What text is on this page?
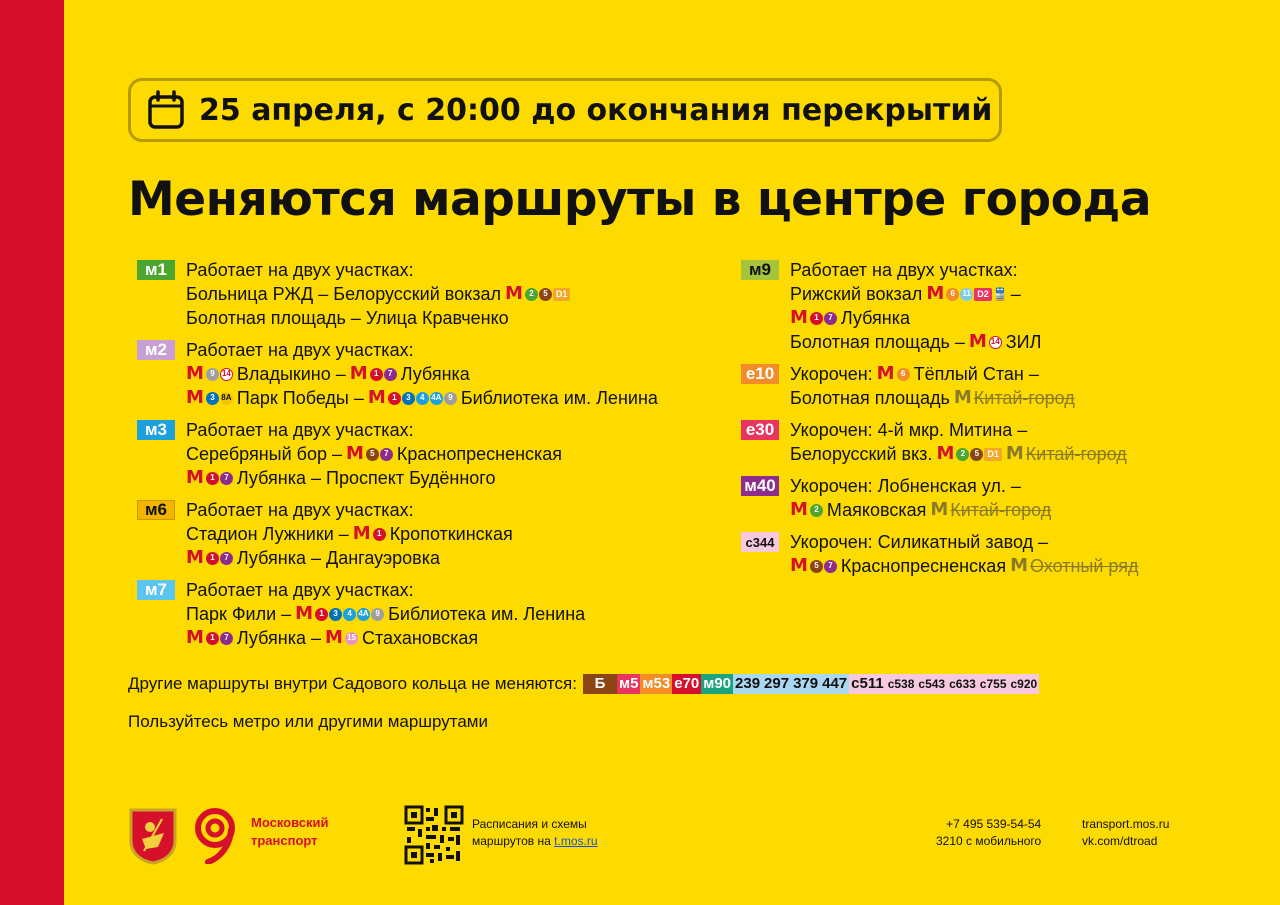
25 апреля, с 20:00 до окончания перекрытий
Меняются маршруты в центре города
м1	Работает на двух участках:
Больница РЖД – Белорусский вокзал М 2	5 D1
Болотная площадь – Улица Кравченко
м2	Работает на двух участках:
М 9 14 Владыкино – М 1	7 Лубянка
М 3 8А Парк Победы – М 1	3	4 4А 9 Библиотека им. Ленина
м3	Работает на двух участках:
Серебряный бор – М 5	7 Краснопресненская
М 1	7 Лубянка – Проспект Будённого
м6	Работает на двух участках:
Стадион Лужники – М 1 Кропоткинская
М 1	7 Лубянка – Дангауэровка
м7	Работает на двух участках:
Парк Фили – М 1	3	4 4А 9 Библиотека им. Ленина
М 1	7 Лубянка – М 15 Стахановская
м9	Работает на двух участках:
Рижский вокзал М 6 11 D2 🚆 –
М 1	7 Лубянка
Болотная площадь – М 14 ЗИЛ
е10 Укорочен: М 6 Тёплый Стан –
Болотная площадь М Китай-город
е30 Укорочен: 4-й мкр. Митина –
Белорусский вкз. М 2	5 D1 М Китай-город
м40 Укорочен: Лобненская ул. –
М 2 Маяковская М Китай-город
с344 Укорочен: Силикатный завод –
М 5	7 Краснопресненская М Охотный ряд
Другие маршруты внутри Садового кольца не меняются:	Б м5 м53 е70 м90 239 297 379 447 с511 с538 с543 с633 с755 с920
Пользуйтесь метро или другими маршрутами
Московский
транспорт
Расписания и схемы
маршрутов на t.mos.ru
+7 495 539-54-54
3210 с мобильного
transport.mos.ru
vk.com/dtroad
